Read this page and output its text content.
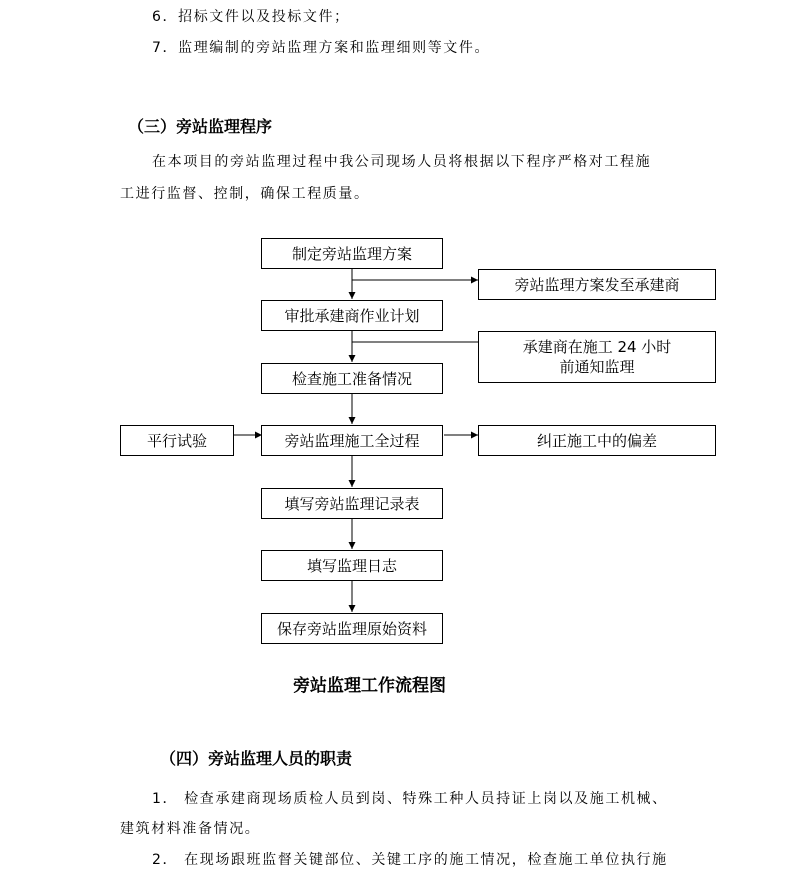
6．招标文件以及投标文件；
7．监理编制的旁站监理方案和监理细则等文件。
（三）旁站监理程序
在本项目的旁站监理过程中我公司现场人员将根据以下程序严格对工程施
工进行监督、控制，确保工程质量。
制定旁站监理方案
审批承建商作业计划
检查施工准备情况
旁站监理施工全过程
填写旁站监理记录表
填写监理日志
保存旁站监理原始资料
旁站监理方案发至承建商
承建商在施工 24 小时
前通知监理
纠正施工中的偏差
平行试验
旁站监理工作流程图
（四）旁站监理人员的职责
1． 检查承建商现场质检人员到岗、特殊工种人员持证上岗以及施工机械、
建筑材料准备情况。
2． 在现场跟班监督关键部位、关键工序的施工情况，检查施工单位执行施
